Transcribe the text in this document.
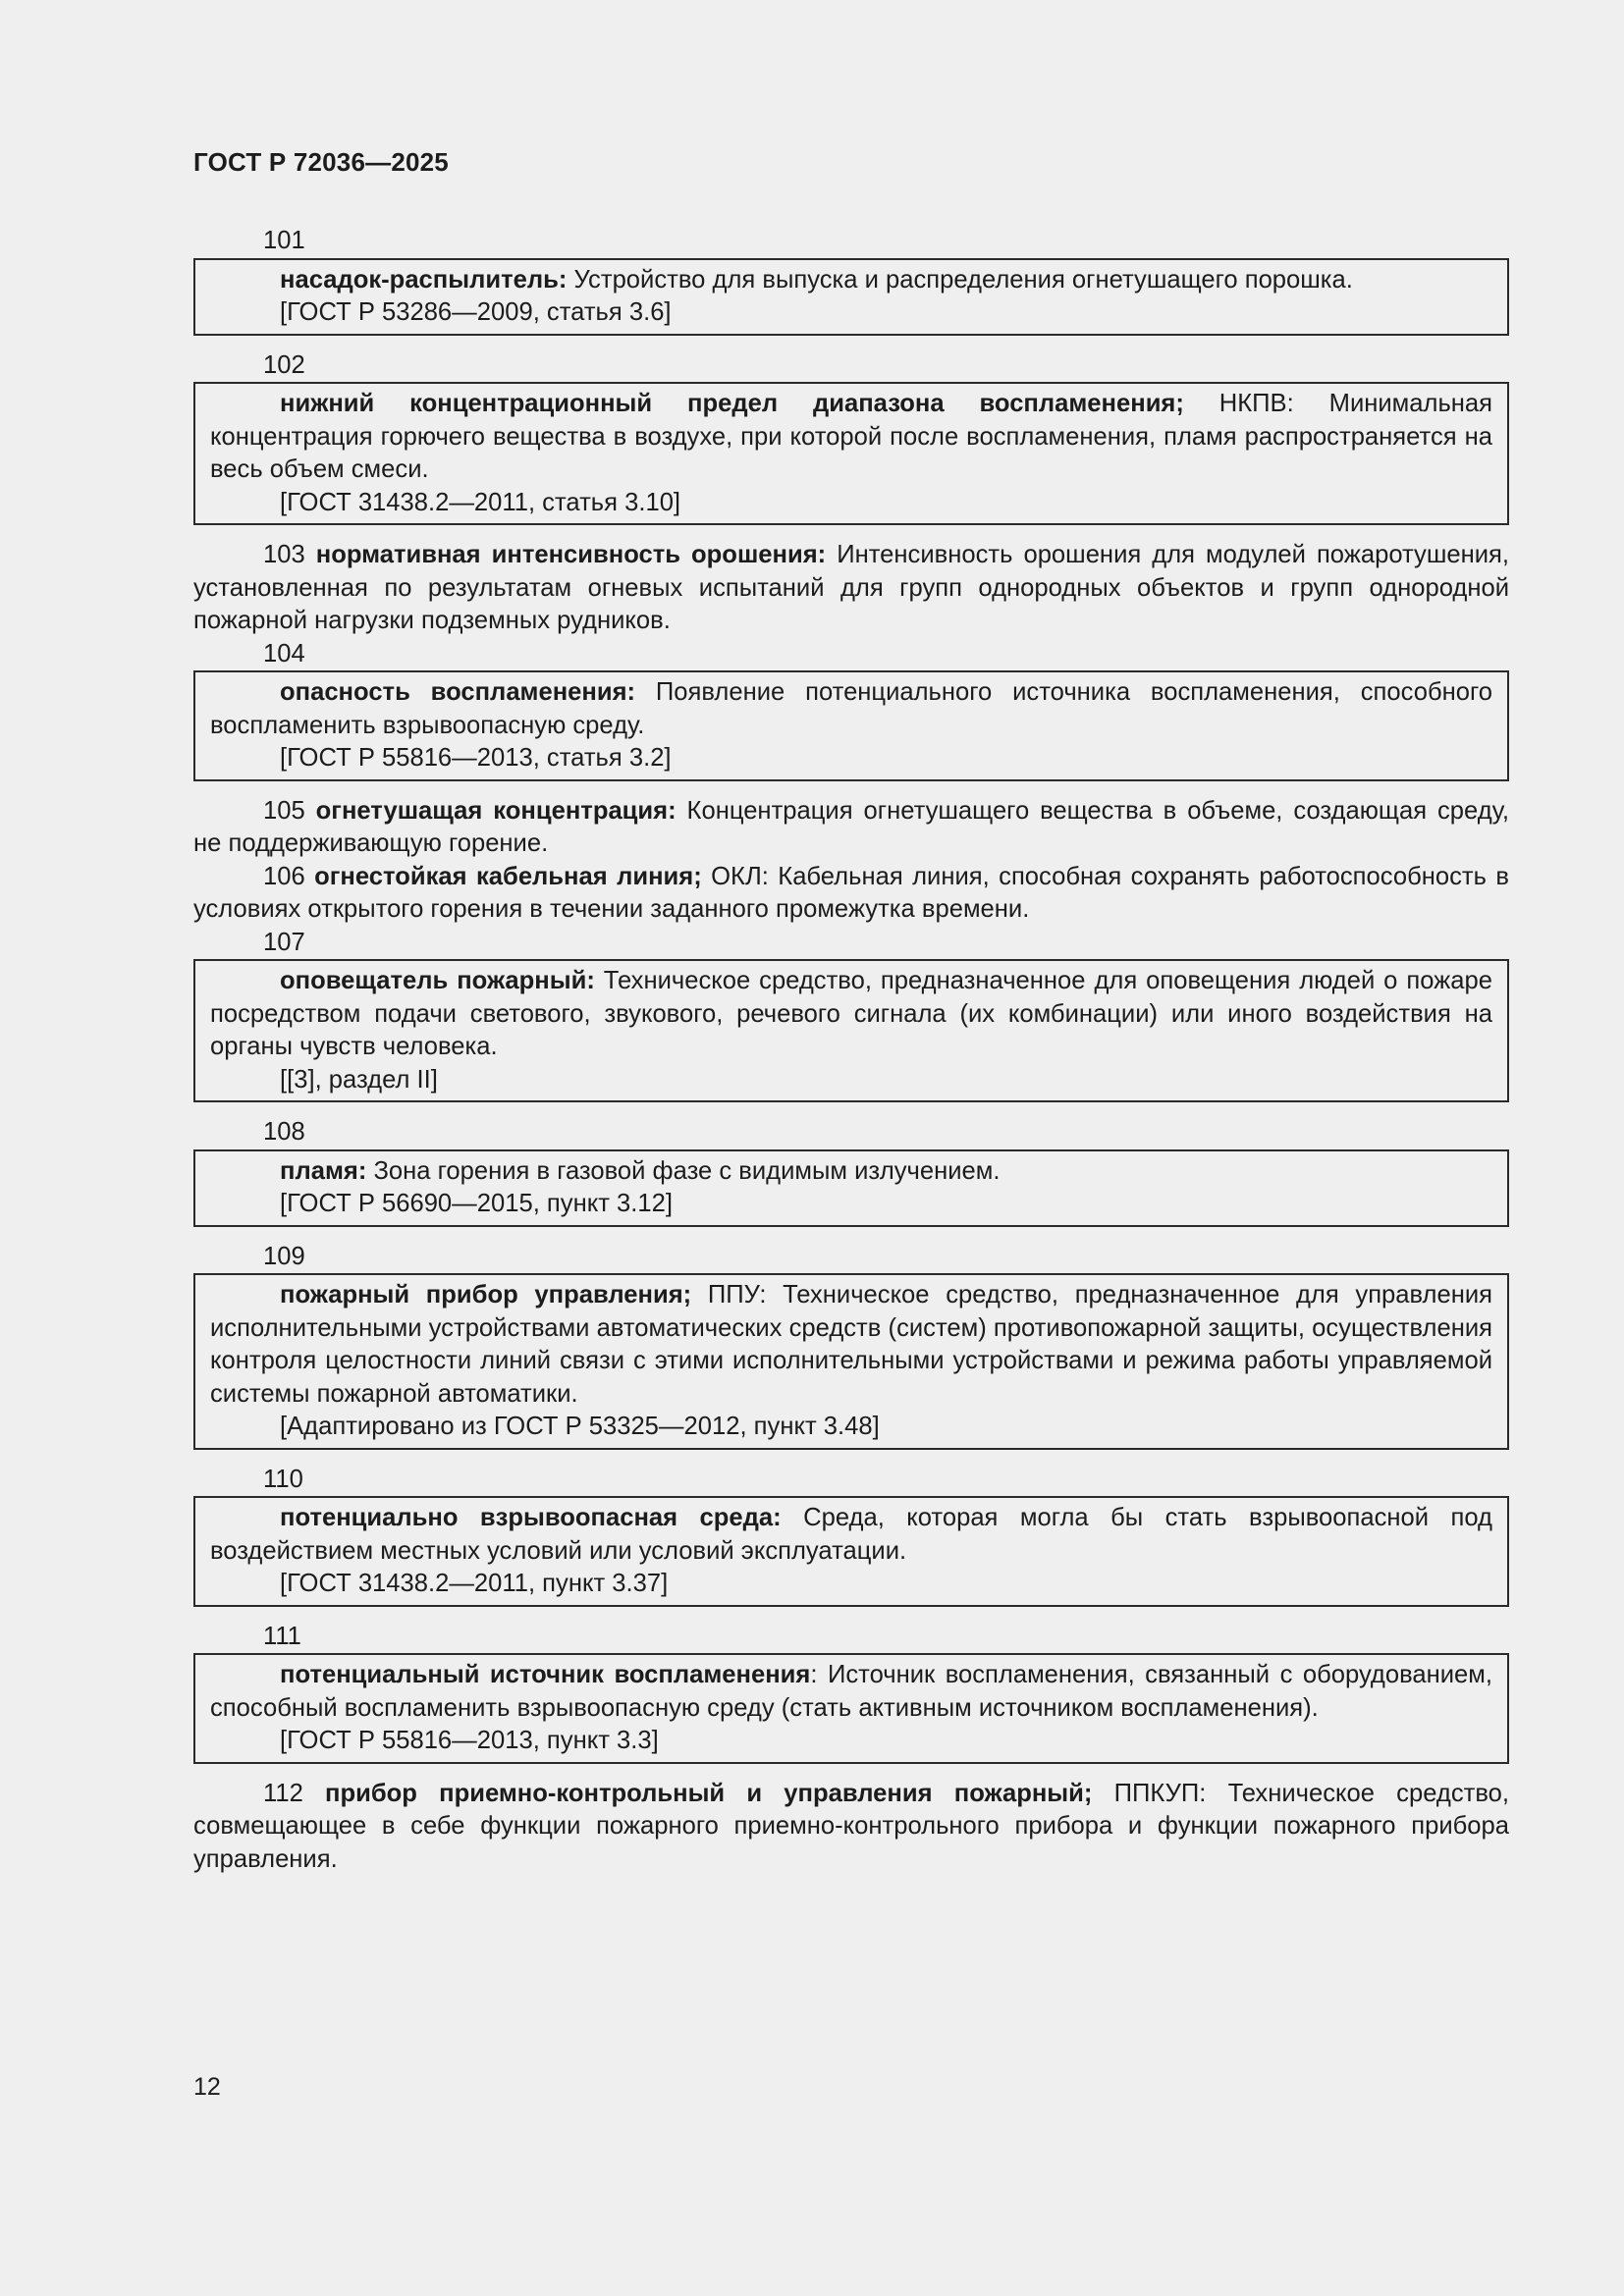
ГОСТ Р 72036—2025
101
насадок-распылитель: Устройство для выпуска и распределения огнетушащего порошка.
[ГОСТ Р 53286—2009, статья 3.6]
102
нижний концентрационный предел диапазона воспламенения; НКПВ: Минимальная концентрация горючего вещества в воздухе, при которой после воспламенения, пламя распространяется на весь объем смеси.
[ГОСТ 31438.2—2011, статья 3.10]

103 нормативная интенсивность орошения: Интенсивность орошения для модулей пожаротушения, установленная по результатам огневых испытаний для групп однородных объектов и групп однородной пожарной нагрузки подземных рудников.

104
опасность воспламенения: Появление потенциального источника воспламенения, способного воспламенить взрывоопасную среду.
[ГОСТ Р 55816—2013, статья 3.2]

105 огнетушащая концентрация: Концентрация огнетушащего вещества в объеме, создающая среду, не поддерживающую горение.

106 огнестойкая кабельная линия; ОКЛ: Кабельная линия, способная сохранять работоспособность в условиях открытого горения в течении заданного промежутка времени.

107
оповещатель пожарный: Техническое средство, предназначенное для оповещения людей о пожаре посредством подачи светового, звукового, речевого сигнала (их комбинации) или иного воздействия на органы чувств человека.
[[3], раздел II]
108
пламя: Зона горения в газовой фазе с видимым излучением.
[ГОСТ Р 56690—2015, пункт 3.12]
109
пожарный прибор управления; ППУ: Техническое средство, предназначенное для управления исполнительными устройствами автоматических средств (систем) противопожарной защиты, осуществления контроля целостности линий связи с этими исполнительными устройствами и режима работы управляемой системы пожарной автоматики.
[Адаптировано из ГОСТ Р 53325—2012, пункт 3.48]
110
потенциально взрывоопасная среда: Среда, которая могла бы стать взрывоопасной под воздействием местных условий или условий эксплуатации.
[ГОСТ 31438.2—2011, пункт 3.37]
111
потенциальный источник воспламенения: Источник воспламенения, связанный с оборудованием, способный воспламенить взрывоопасную среду (стать активным источником воспламенения).
[ГОСТ Р 55816—2013, пункт 3.3]

112 прибор приемно-контрольный и управления пожарный; ППКУП: Техническое средство, совмещающее в себе функции пожарного приемно-контрольного прибора и функции пожарного прибора управления.

12
